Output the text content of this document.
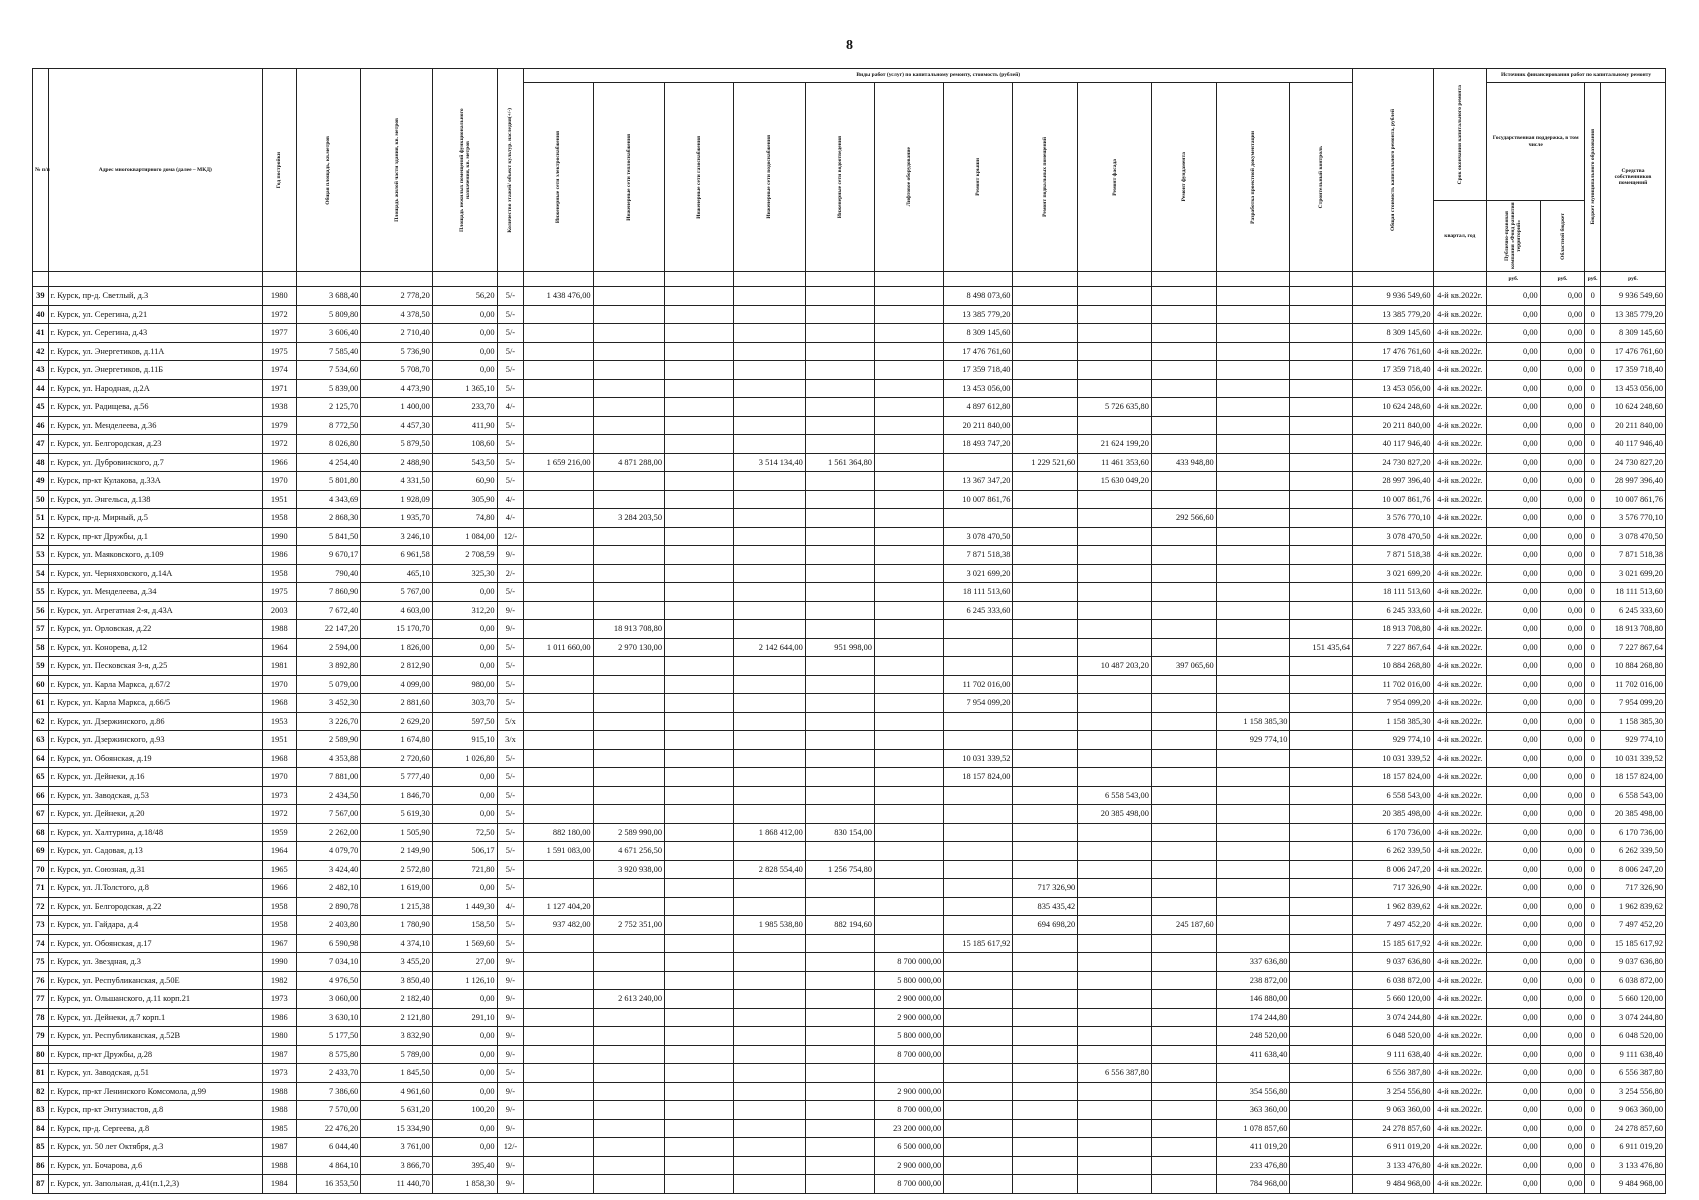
8
№ п/п	Адрес многоквартирного дома (далее – МКД)	Год постройки	Общая площадь, кв.метров	Площадь жилой части здания, кв. метров	Площадь нежилых помещений функционального назначения, кв. метров	Количество этажей/ объект культур. наследия(+/-)	Виды работ (услуг) по капитальному ремонту, стоимость (рублей)												Общая стоимость капитального ремонта, рублей	Срок окончания капитального ремонта	Источник финансирования работ по капитальному ремонту			

							Инженерные сети электроснабжения	Инженерные сети теплоснабжения	Инженерные сети газоснабжения	Инженерные сети водоснабжения	Инженерные сети водоотведения	Лифтовое оборудование	Ремонт крыши	Ремонт подвальных помещений	Ремонт фасада	Ремонт фундамента	Разработка проектной документации	Строительный контроль			Государственная поддержка, в том числе		Бюджет муниципального образования	Средства собственников помещений
																				квартал, год	Публично-правовая компания «Фонд развития территорий»	Областной бюджет		

																					руб.	руб.	руб.	руб.
39	г. Курск, пр-д. Светлый, д.3	1980	3 688,40	2 778,20	56,20	5/-	1 438 476,00						8 498 073,60						9 936 549,60	4-й кв.2022г.	0,00	0,00	0	9 936 549,60
40	г. Курск, ул. Серегина, д.21	1972	5 809,80	4 378,50	0,00	5/-							13 385 779,20						13 385 779,20	4-й кв.2022г.	0,00	0,00	0	13 385 779,20
41	г. Курск, ул. Серегина, д.43	1977	3 606,40	2 710,40	0,00	5/-							8 309 145,60						8 309 145,60	4-й кв.2022г.	0,00	0,00	0	8 309 145,60
42	г. Курск, ул. Энергетиков, д.11А	1975	7 585,40	5 736,90	0,00	5/-							17 476 761,60						17 476 761,60	4-й кв.2022г.	0,00	0,00	0	17 476 761,60
43	г. Курск, ул. Энергетиков, д.11Б	1974	7 534,60	5 708,70	0,00	5/-							17 359 718,40						17 359 718,40	4-й кв.2022г.	0,00	0,00	0	17 359 718,40
44	г. Курск, ул. Народная, д.2А	1971	5 839,00	4 473,90	1 365,10	5/-							13 453 056,00						13 453 056,00	4-й кв.2022г.	0,00	0,00	0	13 453 056,00
45	г. Курск, ул. Радищева, д.56	1938	2 125,70	1 400,00	233,70	4/-							4 897 612,80		5 726 635,80				10 624 248,60	4-й кв.2022г.	0,00	0,00	0	10 624 248,60
46	г. Курск, ул. Менделеева, д.36	1979	8 772,50	4 457,30	411,90	5/-							20 211 840,00						20 211 840,00	4-й кв.2022г.	0,00	0,00	0	20 211 840,00
47	г. Курск, ул. Белгородская, д.23	1972	8 026,80	5 879,50	108,60	5/-							18 493 747,20		21 624 199,20				40 117 946,40	4-й кв.2022г.	0,00	0,00	0	40 117 946,40
48	г. Курск, ул. Дубровинского, д.7	1966	4 254,40	2 488,90	543,50	5/-	1 659 216,00	4 871 288,00		3 514 134,40	1 561 364,80			1 229 521,60	11 461 353,60	433 948,80			24 730 827,20	4-й кв.2022г.	0,00	0,00	0	24 730 827,20
49	г. Курск, пр-кт Кулакова, д.33А	1970	5 801,80	4 331,50	60,90	5/-							13 367 347,20		15 630 049,20				28 997 396,40	4-й кв.2022г.	0,00	0,00	0	28 997 396,40
50	г. Курск, ул. Энгельса, д.138	1951	4 343,69	1 928,09	305,90	4/-							10 007 861,76						10 007 861,76	4-й кв.2022г.	0,00	0,00	0	10 007 861,76
51	г. Курск, пр-д. Мирный, д.5	1958	2 868,30	1 935,70	74,80	4/-		3 284 203,50								292 566,60			3 576 770,10	4-й кв.2022г.	0,00	0,00	0	3 576 770,10
52	г. Курск, пр-кт Дружбы, д.1	1990	5 841,50	3 246,10	1 084,00	12/-							3 078 470,50						3 078 470,50	4-й кв.2022г.	0,00	0,00	0	3 078 470,50
53	г. Курск, ул. Маяковского, д.109	1986	9 670,17	6 961,58	2 708,59	9/-							7 871 518,38						7 871 518,38	4-й кв.2022г.	0,00	0,00	0	7 871 518,38
54	г. Курск, ул. Черняховского, д.14А	1958	790,40	465,10	325,30	2/-							3 021 699,20						3 021 699,20	4-й кв.2022г.	0,00	0,00	0	3 021 699,20
55	г. Курск, ул. Менделеева, д.34	1975	7 860,90	5 767,00	0,00	5/-							18 111 513,60						18 111 513,60	4-й кв.2022г.	0,00	0,00	0	18 111 513,60
56	г. Курск, ул. Агрегатная 2-я, д.43А	2003	7 672,40	4 603,00	312,20	9/-							6 245 333,60						6 245 333,60	4-й кв.2022г.	0,00	0,00	0	6 245 333,60
57	г. Курск, ул. Орловская, д.22	1988	22 147,20	15 170,70	0,00	9/-		18 913 708,80											18 913 708,80	4-й кв.2022г.	0,00	0,00	0	18 913 708,80
58	г. Курск, ул. Конорева, д.12	1964	2 594,00	1 826,00	0,00	5/-	1 011 660,00	2 970 130,00		2 142 644,00	951 998,00							151 435,64	7 227 867,64	4-й кв.2022г.	0,00	0,00	0	7 227 867,64
59	г. Курск, ул. Песковская 3-я, д.25	1981	3 892,80	2 812,90	0,00	5/-									10 487 203,20	397 065,60			10 884 268,80	4-й кв.2022г.	0,00	0,00	0	10 884 268,80
60	г. Курск, ул. Карла Маркса, д.67/2	1970	5 079,00	4 099,00	980,00	5/-							11 702 016,00						11 702 016,00	4-й кв.2022г.	0,00	0,00	0	11 702 016,00
61	г. Курск, ул. Карла Маркса, д.66/5	1968	3 452,30	2 881,60	303,70	5/-							7 954 099,20						7 954 099,20	4-й кв.2022г.	0,00	0,00	0	7 954 099,20
62	г. Курск, ул. Дзержинского, д.86	1953	3 226,70	2 629,20	597,50	5/x											1 158 385,30		1 158 385,30	4-й кв.2022г.	0,00	0,00	0	1 158 385,30
63	г. Курск, ул. Дзержинского, д.93	1951	2 589,90	1 674,80	915,10	3/x											929 774,10		929 774,10	4-й кв.2022г.	0,00	0,00	0	929 774,10
64	г. Курск, ул. Обоянская, д.19	1968	4 353,88	2 720,60	1 026,80	5/-							10 031 339,52						10 031 339,52	4-й кв.2022г.	0,00	0,00	0	10 031 339,52
65	г. Курск, ул. Дейнеки, д.16	1970	7 881,00	5 777,40	0,00	5/-							18 157 824,00						18 157 824,00	4-й кв.2022г.	0,00	0,00	0	18 157 824,00
66	г. Курск, ул. Заводская, д.53	1973	2 434,50	1 846,70	0,00	5/-									6 558 543,00				6 558 543,00	4-й кв.2022г.	0,00	0,00	0	6 558 543,00
67	г. Курск, ул. Дейнеки, д.20	1972	7 567,00	5 619,30	0,00	5/-									20 385 498,00				20 385 498,00	4-й кв.2022г.	0,00	0,00	0	20 385 498,00
68	г. Курск, ул. Халтурина, д.18/48	1959	2 262,00	1 505,90	72,50	5/-	882 180,00	2 589 990,00		1 868 412,00	830 154,00								6 170 736,00	4-й кв.2022г.	0,00	0,00	0	6 170 736,00
69	г. Курск, ул. Садовая, д.13	1964	4 079,70	2 149,90	506,17	5/-	1 591 083,00	4 671 256,50											6 262 339,50	4-й кв.2022г.	0,00	0,00	0	6 262 339,50
70	г. Курск, ул. Союзная, д.31	1965	3 424,40	2 572,80	721,80	5/-		3 920 938,00		2 828 554,40	1 256 754,80								8 006 247,20	4-й кв.2022г.	0,00	0,00	0	8 006 247,20
71	г. Курск, ул. Л.Толстого, д.8	1966	2 482,10	1 619,00	0,00	5/-								717 326,90					717 326,90	4-й кв.2022г.	0,00	0,00	0	717 326,90
72	г. Курск, ул. Белгородская, д.22	1958	2 890,78	1 215,38	1 449,30	4/-	1 127 404,20							835 435,42					1 962 839,62	4-й кв.2022г.	0,00	0,00	0	1 962 839,62
73	г. Курск, ул. Гайдара, д.4	1958	2 403,80	1 780,90	158,50	5/-	937 482,00	2 752 351,00		1 985 538,80	882 194,60			694 698,20		245 187,60			7 497 452,20	4-й кв.2022г.	0,00	0,00	0	7 497 452,20
74	г. Курск, ул. Обоянская, д.17	1967	6 590,98	4 374,10	1 569,60	5/-							15 185 617,92						15 185 617,92	4-й кв.2022г.	0,00	0,00	0	15 185 617,92
75	г. Курск, ул. Звездная, д.3	1990	7 034,10	3 455,20	27,00	9/-						8 700 000,00					337 636,80		9 037 636,80	4-й кв.2022г.	0,00	0,00	0	9 037 636,80
76	г. Курск, ул. Республиканская, д.50Е	1982	4 976,50	3 850,40	1 126,10	9/-						5 800 000,00					238 872,00		6 038 872,00	4-й кв.2022г.	0,00	0,00	0	6 038 872,00
77	г. Курск, ул. Ольшанского, д.11 корп.21	1973	3 060,00	2 182,40	0,00	9/-		2 613 240,00				2 900 000,00					146 880,00		5 660 120,00	4-й кв.2022г.	0,00	0,00	0	5 660 120,00
78	г. Курск, ул. Дейнеки, д.7 корп.1	1986	3 630,10	2 121,80	291,10	9/-						2 900 000,00					174 244,80		3 074 244,80	4-й кв.2022г.	0,00	0,00	0	3 074 244,80
79	г. Курск, ул. Республиканская, д.52В	1980	5 177,50	3 832,90	0,00	9/-						5 800 000,00					248 520,00		6 048 520,00	4-й кв.2022г.	0,00	0,00	0	6 048 520,00
80	г. Курск, пр-кт Дружбы, д.28	1987	8 575,80	5 789,00	0,00	9/-						8 700 000,00					411 638,40		9 111 638,40	4-й кв.2022г.	0,00	0,00	0	9 111 638,40
81	г. Курск, ул. Заводская, д.51	1973	2 433,70	1 845,50	0,00	5/-									6 556 387,80				6 556 387,80	4-й кв.2022г.	0,00	0,00	0	6 556 387,80
82	г. Курск, пр-кт Ленинского Комсомола, д.99	1988	7 386,60	4 961,60	0,00	9/-						2 900 000,00					354 556,80		3 254 556,80	4-й кв.2022г.	0,00	0,00	0	3 254 556,80
83	г. Курск, пр-кт Энтузиастов, д.8	1988	7 570,00	5 631,20	100,20	9/-						8 700 000,00					363 360,00		9 063 360,00	4-й кв.2022г.	0,00	0,00	0	9 063 360,00
84	г. Курск, пр-д. Сергеева, д.8	1985	22 476,20	15 334,90	0,00	9/-						23 200 000,00					1 078 857,60		24 278 857,60	4-й кв.2022г.	0,00	0,00	0	24 278 857,60
85	г. Курск, ул. 50 лет Октября, д.3	1987	6 044,40	3 761,00	0,00	12/-						6 500 000,00					411 019,20		6 911 019,20	4-й кв.2022г.	0,00	0,00	0	6 911 019,20
86	г. Курск, ул. Бочарова, д.6	1988	4 864,10	3 866,70	395,40	9/-						2 900 000,00					233 476,80		3 133 476,80	4-й кв.2022г.	0,00	0,00	0	3 133 476,80
87	г. Курск, ул. Запольная, д.41(п.1,2,3)	1984	16 353,50	11 440,70	1 858,30	9/-						8 700 000,00					784 968,00		9 484 968,00	4-й кв.2022г.	0,00	0,00	0	9 484 968,00
